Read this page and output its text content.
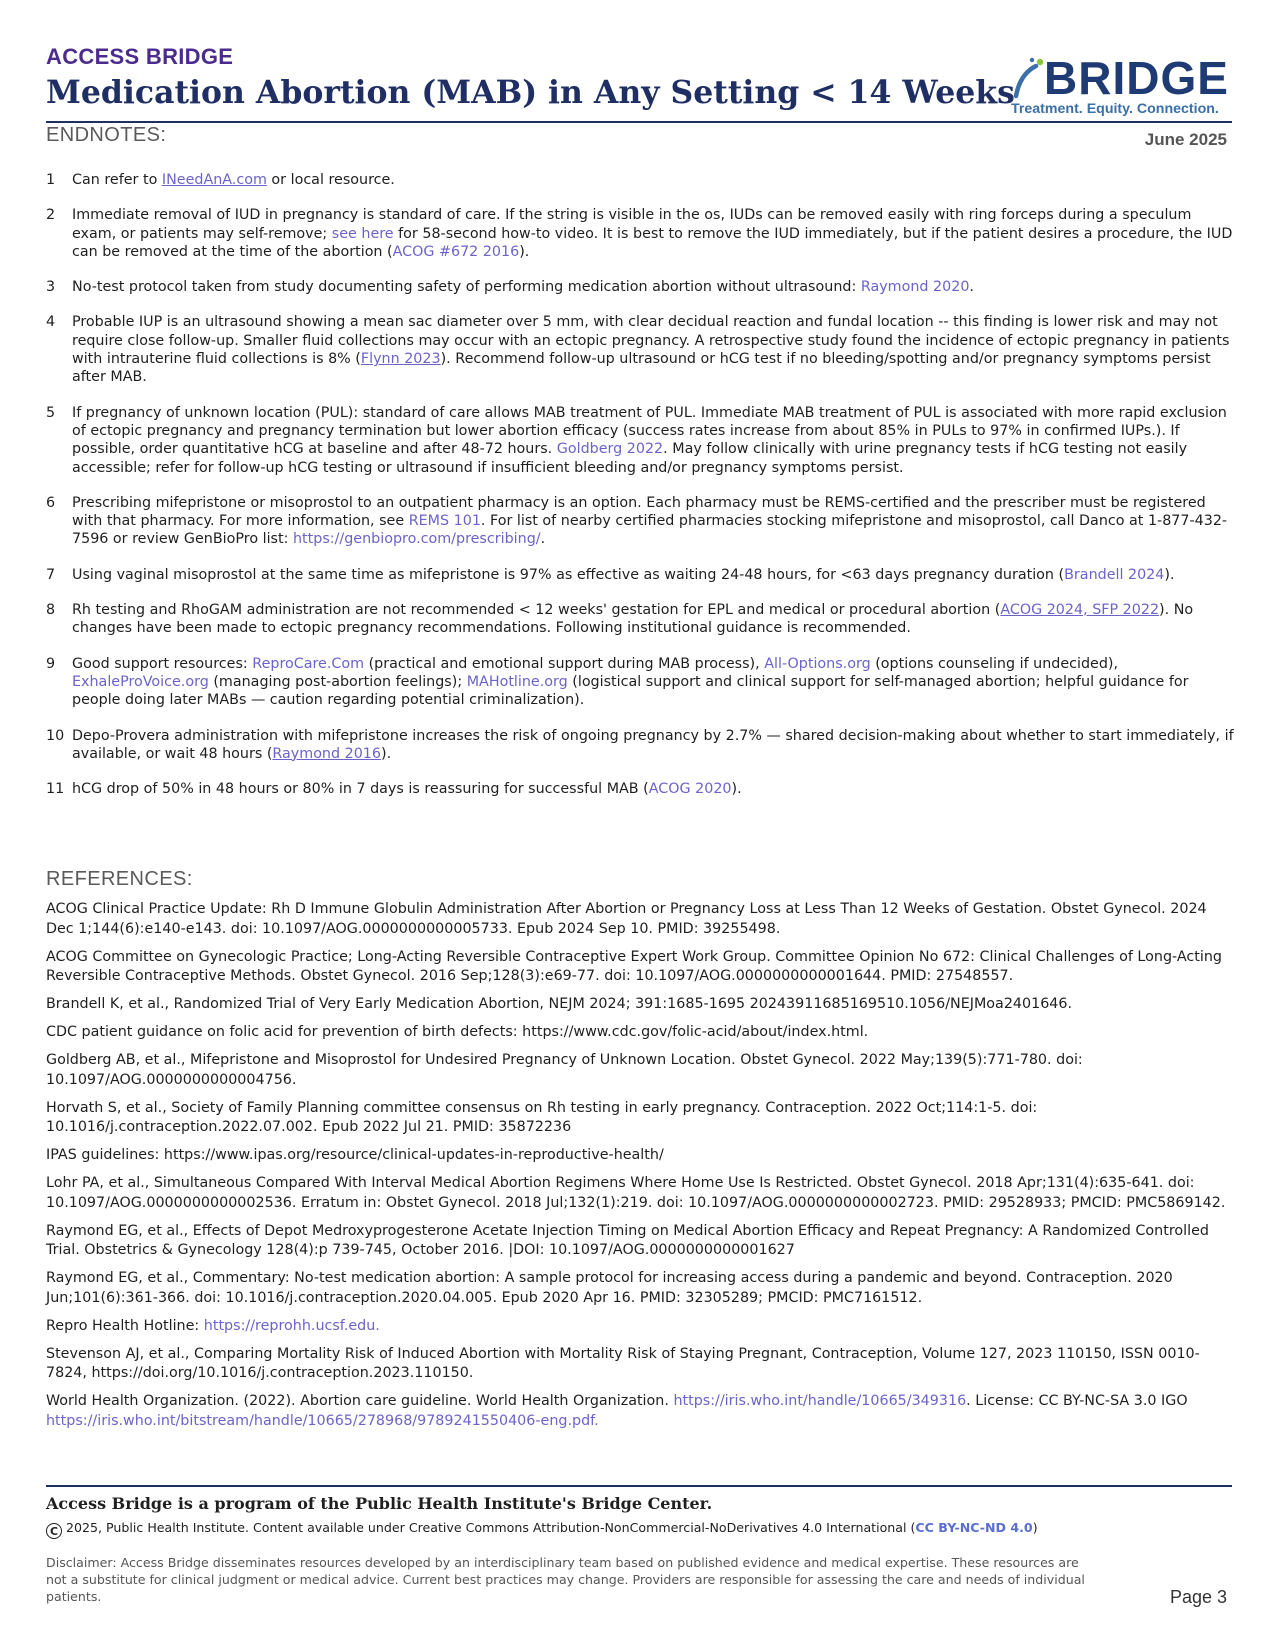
ACCESS BRIDGE
Medication Abortion (MAB) in Any Setting < 14 Weeks BRIDGE
Treatment. Equity. Connection.
June 2025
ENDNOTES:
1	Can refer to INeedAnA.com or local resource.
2	Immediate removal of IUD in pregnancy is standard of care. If the string is visible in the os, IUDs can be removed easily with ring forceps during a speculum exam, or patients may self-remove; see here for 58-second how-to video. It is best to remove the IUD immediately, but if the patient desires a procedure, the IUD can be removed at the time of the abortion (ACOG #672 2016).
3	No-test protocol taken from study documenting safety of performing medication abortion without ultrasound: Raymond 2020.
4	Probable IUP is an ultrasound showing a mean sac diameter over 5 mm, with clear decidual reaction and fundal location -- this finding is lower risk and may not require close follow-up. Smaller fluid collections may occur with an ectopic pregnancy. A retrospective study found the incidence of ectopic pregnancy in patients with intrauterine fluid collections is 8% (Flynn 2023). Recommend follow-up ultrasound or hCG test if no bleeding/spotting and/or pregnancy symptoms persist after MAB.
5	If pregnancy of unknown location (PUL): standard of care allows MAB treatment of PUL. Immediate MAB treatment of PUL is associated with more rapid exclusion of ectopic pregnancy and pregnancy termination but lower abortion efficacy (success rates increase from about 85% in PULs to 97% in confirmed IUPs.). If possible, order quantitative hCG at baseline and after 48-72 hours. Goldberg 2022. May follow clinically with urine pregnancy tests if hCG testing not easily accessible; refer for follow-up hCG testing or ultrasound if insufficient bleeding and/or pregnancy symptoms persist.
6	Prescribing mifepristone or misoprostol to an outpatient pharmacy is an option. Each pharmacy must be REMS-certified and the prescriber must be registered with that pharmacy. For more information, see REMS 101. For list of nearby certified pharmacies stocking mifepristone and misoprostol, call Danco at 1-877-432-7596 or review GenBioPro list: https://genbiopro.com/prescribing/.
7	Using vaginal misoprostol at the same time as mifepristone is 97% as effective as waiting 24-48 hours, for <63 days pregnancy duration (Brandell 2024).
8	Rh testing and RhoGAM administration are not recommended < 12 weeks' gestation for EPL and medical or procedural abortion (ACOG 2024, SFP 2022). No changes have been made to ectopic pregnancy recommendations. Following institutional guidance is recommended.
9	Good support resources: ReproCare.Com (practical and emotional support during MAB process), All-Options.org (options counseling if undecided), ExhaleProVoice.org (managing post-abortion feelings); MAHotline.org (logistical support and clinical support for self-managed abortion; helpful guidance for people doing later MABs — caution regarding potential criminalization).
10 Depo-Provera administration with mifepristone increases the risk of ongoing pregnancy by 2.7% — shared decision-making about whether to start immediately, if available, or wait 48 hours (Raymond 2016).
11 hCG drop of 50% in 48 hours or 80% in 7 days is reassuring for successful MAB (ACOG 2020).
REFERENCES:
ACOG Clinical Practice Update: Rh D Immune Globulin Administration After Abortion or Pregnancy Loss at Less Than 12 Weeks of Gestation. Obstet Gynecol. 2024 Dec 1;144(6):e140-e143. doi: 10.1097/AOG.0000000000005733. Epub 2024 Sep 10. PMID: 39255498.
ACOG Committee on Gynecologic Practice; Long-Acting Reversible Contraceptive Expert Work Group. Committee Opinion No 672: Clinical Challenges of Long-Acting Reversible Contraceptive Methods. Obstet Gynecol. 2016 Sep;128(3):e69-77. doi: 10.1097/AOG.0000000000001644. PMID: 27548557.
Brandell K, et al., Randomized Trial of Very Early Medication Abortion, NEJM 2024; 391:1685-1695 20243911685169510.1056/NEJMoa2401646.
CDC patient guidance on folic acid for prevention of birth defects: https://www.cdc.gov/folic-acid/about/index.html.
Goldberg AB, et al., Mifepristone and Misoprostol for Undesired Pregnancy of Unknown Location. Obstet Gynecol. 2022 May;139(5):771-780. doi: 10.1097/AOG.0000000000004756.
Horvath S, et al., Society of Family Planning committee consensus on Rh testing in early pregnancy. Contraception. 2022 Oct;114:1-5. doi: 10.1016/j.contraception.2022.07.002. Epub 2022 Jul 21. PMID: 35872236
IPAS guidelines: https://www.ipas.org/resource/clinical-updates-in-reproductive-health/
Lohr PA, et al., Simultaneous Compared With Interval Medical Abortion Regimens Where Home Use Is Restricted. Obstet Gynecol. 2018 Apr;131(4):635-641. doi: 10.1097/AOG.0000000000002536. Erratum in: Obstet Gynecol. 2018 Jul;132(1):219. doi: 10.1097/AOG.0000000000002723. PMID: 29528933; PMCID: PMC5869142.
Raymond EG, et al., Effects of Depot Medroxyprogesterone Acetate Injection Timing on Medical Abortion Efficacy and Repeat Pregnancy: A Randomized Controlled Trial. Obstetrics & Gynecology 128(4):p 739-745, October 2016. |DOI: 10.1097/AOG.0000000000001627
Raymond EG, et al., Commentary: No-test medication abortion: A sample protocol for increasing access during a pandemic and beyond. Contraception. 2020 Jun;101(6):361-366. doi: 10.1016/j.contraception.2020.04.005. Epub 2020 Apr 16. PMID: 32305289; PMCID: PMC7161512.
Repro Health Hotline: https://reprohh.ucsf.edu.
Stevenson AJ, et al., Comparing Mortality Risk of Induced Abortion with Mortality Risk of Staying Pregnant, Contraception, Volume 127, 2023 110150, ISSN 0010-7824, https://doi.org/10.1016/j.contraception.2023.110150.
World Health Organization. (2022). Abortion care guideline. World Health Organization. https://iris.who.int/handle/10665/349316. License: CC BY-NC-SA 3.0 IGO https://iris.who.int/bitstream/handle/10665/278968/9789241550406-eng.pdf.
Access Bridge is a program of the Public Health Institute's Bridge Center.
C 2025, Public Health Institute. Content available under Creative Commons Attribution-NonCommercial-NoDerivatives 4.0 International (CC BY-NC-ND 4.0)
Disclaimer: Access Bridge disseminates resources developed by an interdisciplinary team based on published evidence and medical expertise. These resources are not a substitute for clinical judgment or medical advice. Current best practices may change. Providers are responsible for assessing the care and needs of individual patients.	Page 3
